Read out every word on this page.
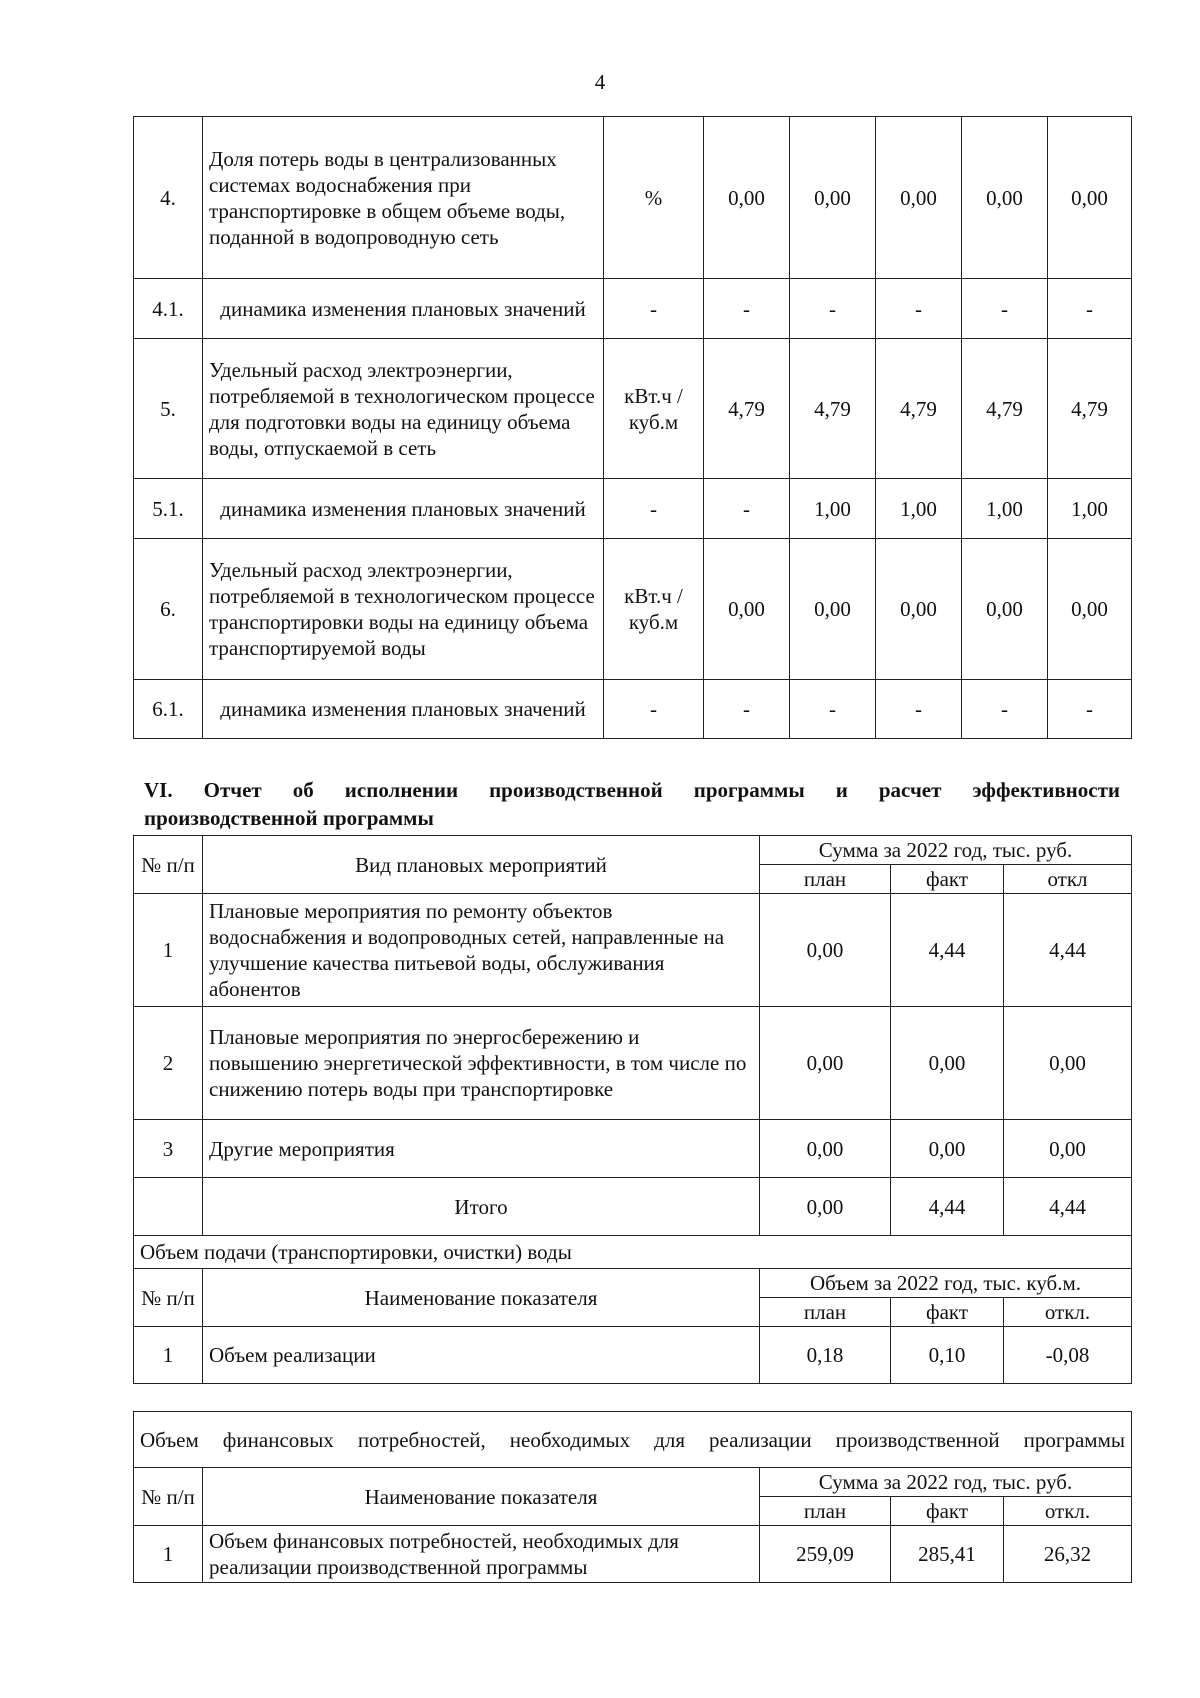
4
4.	Доля потерь воды в централизованных системах водоснабжения при транспортировке в общем объеме воды, поданной в водопроводную сеть	%	0,00	0,00	0,00	0,00	0,00
4.1.	динамика изменения плановых значений	-	-	-	-	-	-
5.	Удельный расход электроэнергии, потребляемой в технологическом процессе для подготовки воды на единицу объема воды, отпускаемой в сеть	кВт.ч / куб.м	4,79	4,79	4,79	4,79	4,79
5.1.	динамика изменения плановых значений	-	-	1,00	1,00	1,00	1,00
6.	Удельный расход электроэнергии, потребляемой в технологическом процессе транспортировки воды на единицу объема транспортируемой воды	кВт.ч / куб.м	0,00	0,00	0,00	0,00	0,00
6.1.	динамика изменения плановых значений	-	-	-	-	-	-
VI. Отчет об исполнении производственной программы и расчет эффективности
производственной программы
№ п/п	Вид плановых мероприятий	Сумма за 2022 год, тыс. руб.		
		план	факт	откл
1	Плановые мероприятия по ремонту объектов водоснабжения и водопроводных сетей, направленные на улучшение качества питьевой воды, обслуживания абонентов	0,00	4,44	4,44
2	Плановые мероприятия по энергосбережению и повышению энергетической эффективности, в том числе по снижению потерь воды при транспортировке	0,00	0,00	0,00
3	Другие мероприятия	0,00	0,00	0,00
	Итого	0,00	4,44	4,44
Объем подачи (транспортировки, очистки) воды				
№ п/п	Наименование показателя	Объем за 2022 год, тыс. куб.м.		
		план	факт	откл.
1	Объем реализации	0,18	0,10	-0,08
Объем финансовых потребностей, необходимых для реализации производственной программы				

№ п/п	Наименование показателя	Сумма за 2022 год, тыс. руб.		
		план	факт	откл.
1	Объем финансовых потребностей, необходимых для реализации производственной программы	259,09	285,41	26,32
